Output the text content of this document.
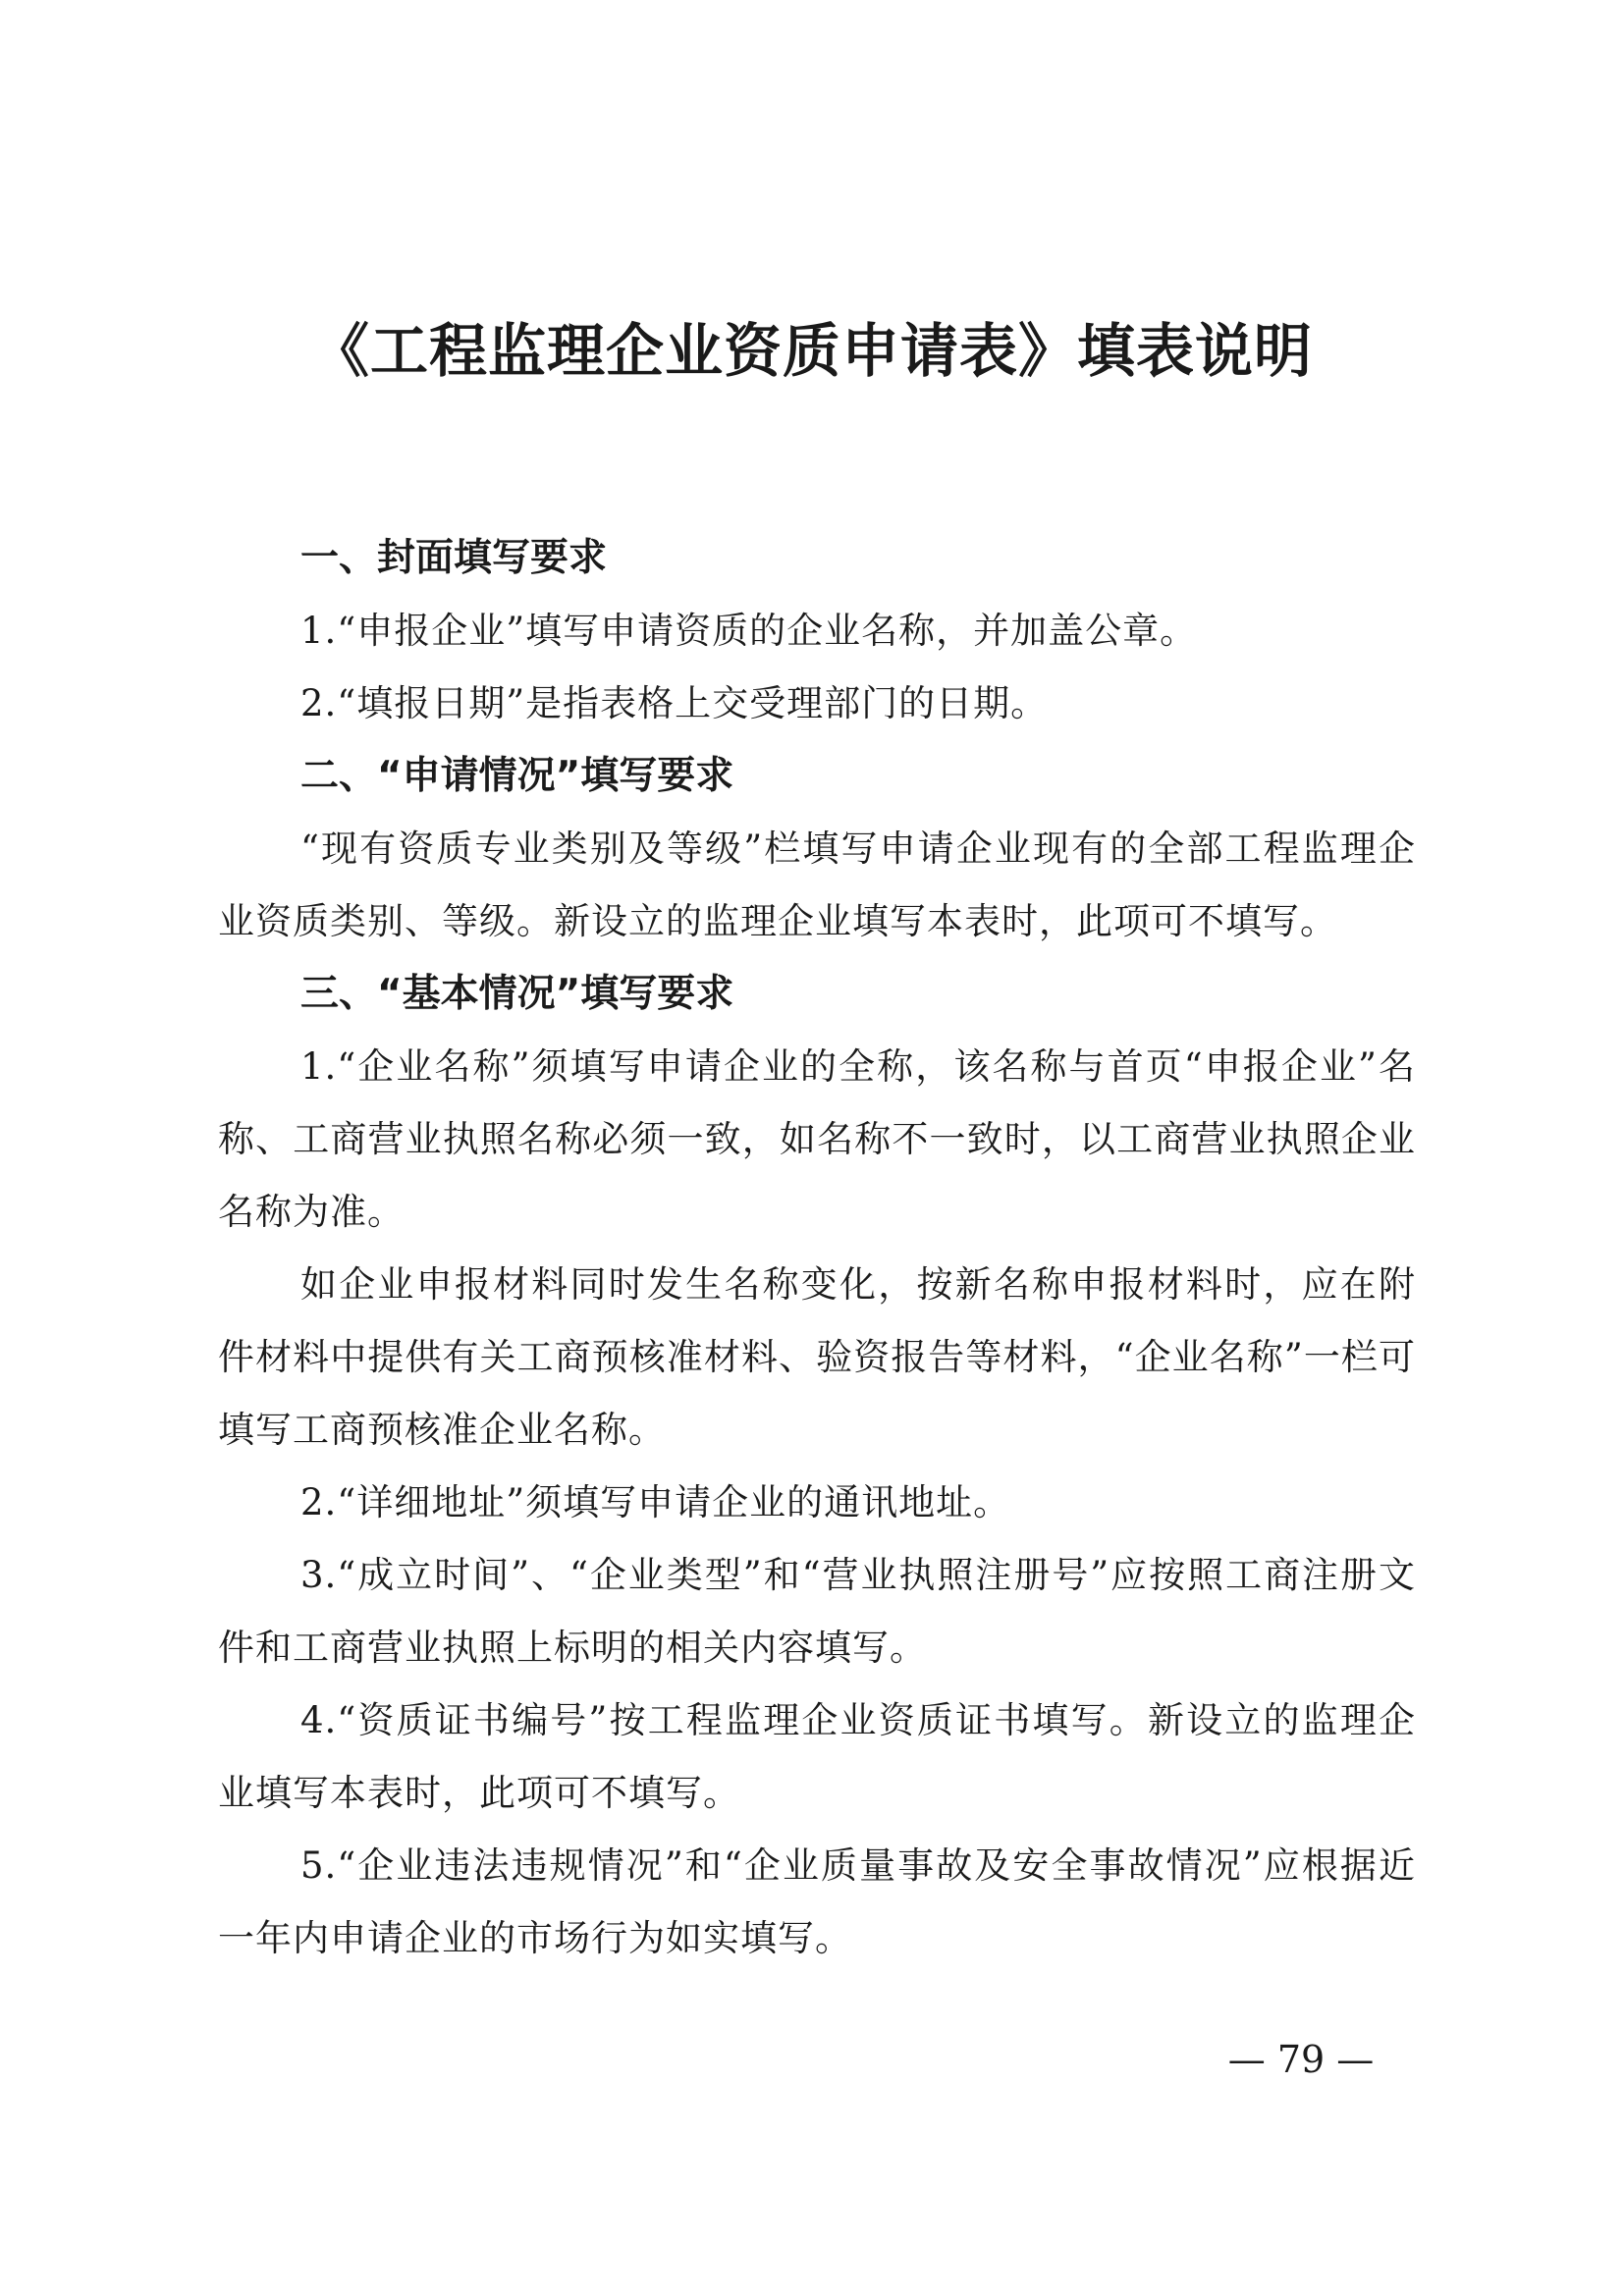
《工程监理企业资质申请表》填表说明

一、封面填写要求

1.“申报企业”填写申请资质的企业名称，并加盖公章。

2.“填报日期”是指表格上交受理部门的日期。

二、“申请情况”填写要求

“现有资质专业类别及等级”栏填写申请企业现有的全部工程监理企业资质类别、等级。新设立的监理企业填写本表时，此项可不填写。

三、“基本情况”填写要求

1.“企业名称”须填写申请企业的全称，该名称与首页“申报企业”名称、工商营业执照名称必须一致，如名称不一致时，以工商营业执照企业名称为准。

如企业申报材料同时发生名称变化，按新名称申报材料时，应在附件材料中提供有关工商预核准材料、验资报告等材料，“企业名称”一栏可填写工商预核准企业名称。

2.“详细地址”须填写申请企业的通讯地址。

3.“成立时间”、“企业类型”和“营业执照注册号”应按照工商注册文件和工商营业执照上标明的相关内容填写。

4.“资质证书编号”按工程监理企业资质证书填写。新设立的监理企业填写本表时，此项可不填写。

5.“企业违法违规情况”和“企业质量事故及安全事故情况”应根据近一年内申请企业的市场行为如实填写。

— 79 —
